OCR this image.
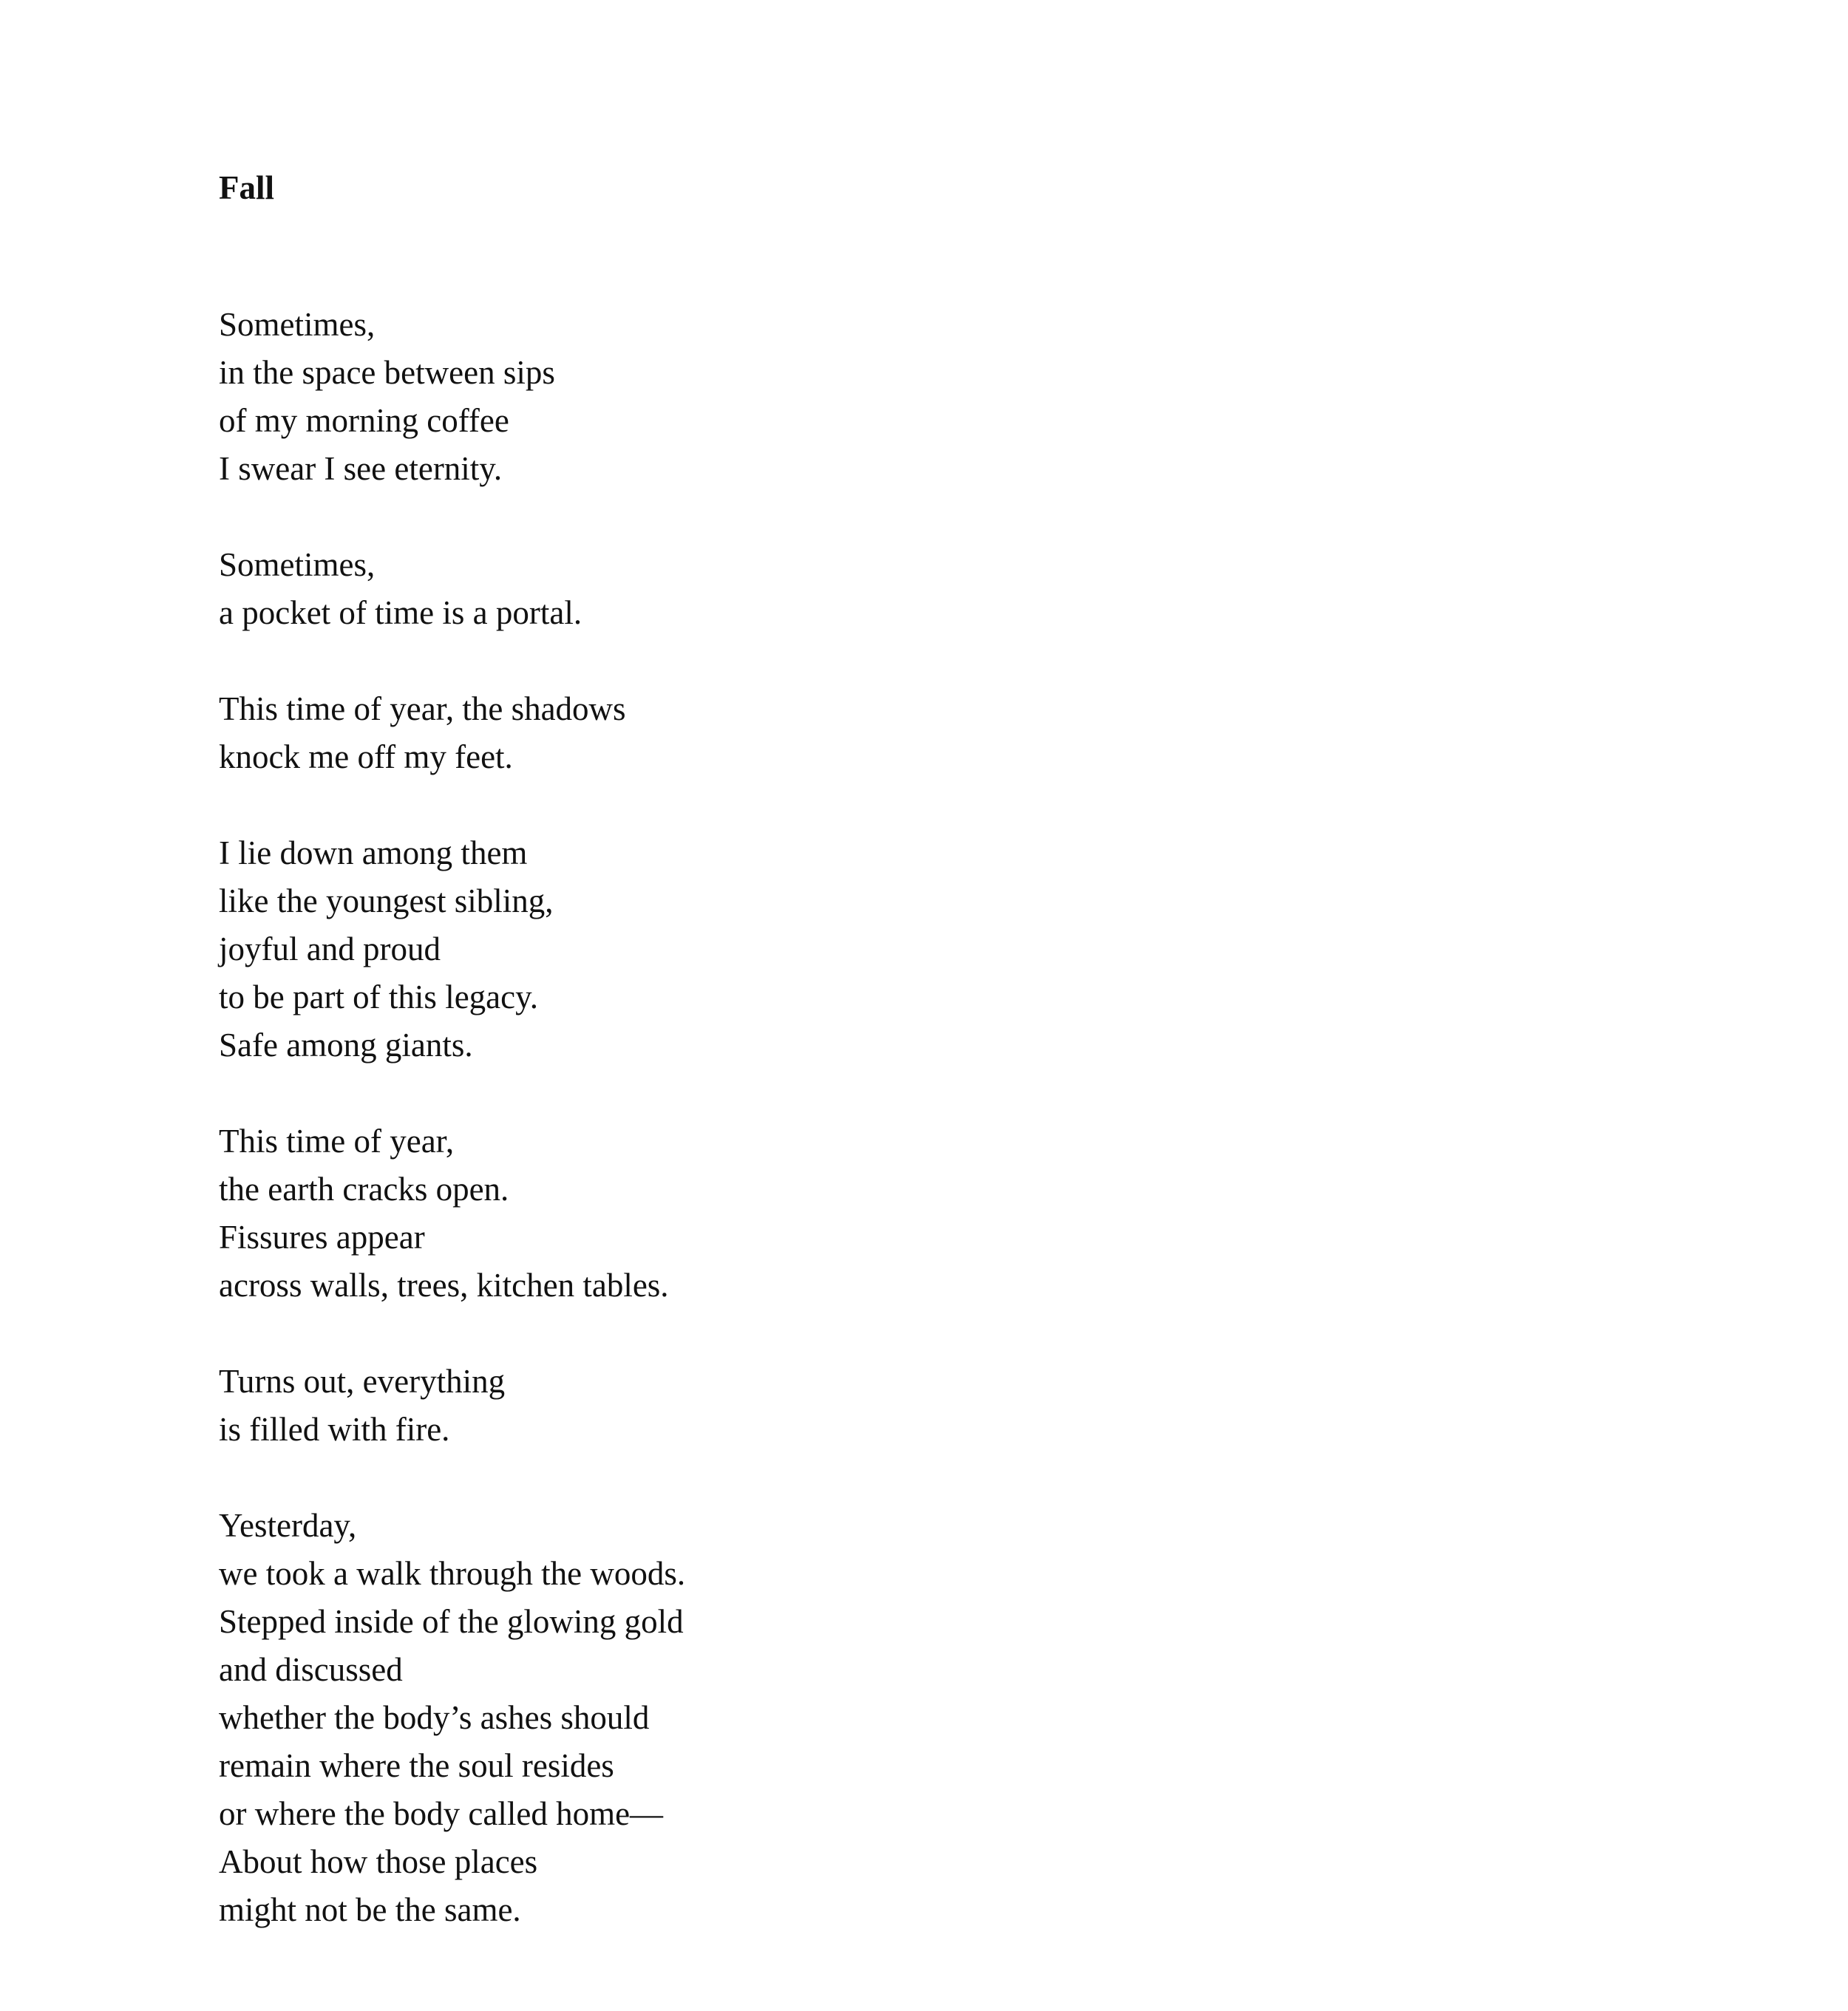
Fall
Sometimes,
in the space between sips
of my morning coffee
I swear I see eternity.
Sometimes,
a pocket of time is a portal.
This time of year, the shadows
knock me off my feet.
I lie down among them
like the youngest sibling,
joyful and proud
to be part of this legacy.
Safe among giants.
This time of year,
the earth cracks open.
Fissures appear
across walls, trees, kitchen tables.
Turns out, everything
is filled with fire.
Yesterday,
we took a walk through the woods.
Stepped inside of the glowing gold
and discussed
whether the body’s ashes should
remain where the soul resides
or where the body called home—
About how those places
might not be the same.
